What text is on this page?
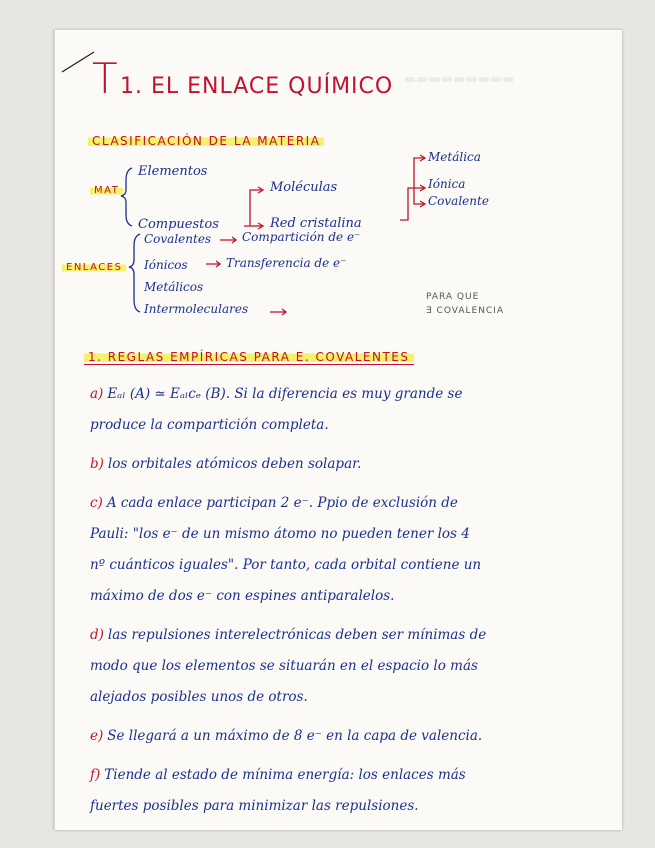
▬▬▬▬▬▬▬▬▬
T 1. EL ENLACE QUÍMICO
CLASIFICACIÓN DE LA MATERIA
MAT
Elementos
Compuestos
Moléculas
Red cristalina
Metálica
Iónica
Covalente
ENLACES
Covalentes	Compartición de e⁻
Iónicos	Transferencia de e⁻
Metálicos
Intermoleculares
PARA QUE
∃ COVALENCIA
1. REGLAS EMPÍRICAS PARA E. COVALENTES
a) Eₐₗ (A) ≃ Eₐₗcₑ (B). Si la diferencia es muy grande se
produce la compartición completa.
b) los orbitales atómicos deben solapar.
c) A cada enlace participan 2 e⁻. Ppio de exclusión de
Pauli: "los e⁻ de un mismo átomo no pueden tener los 4
nº cuánticos iguales". Por tanto, cada orbital contiene un
máximo de dos e⁻ con espines antiparalelos.
d) las repulsiones interelectrónicas deben ser mínimas de
modo que los elementos se situarán en el espacio lo más
alejados posibles unos de otros.
e) Se llegará a un máximo de 8 e⁻ en la capa de valencia.
f) Tiende al estado de mínima energía: los enlaces más
fuertes posibles para minimizar las repulsiones.
